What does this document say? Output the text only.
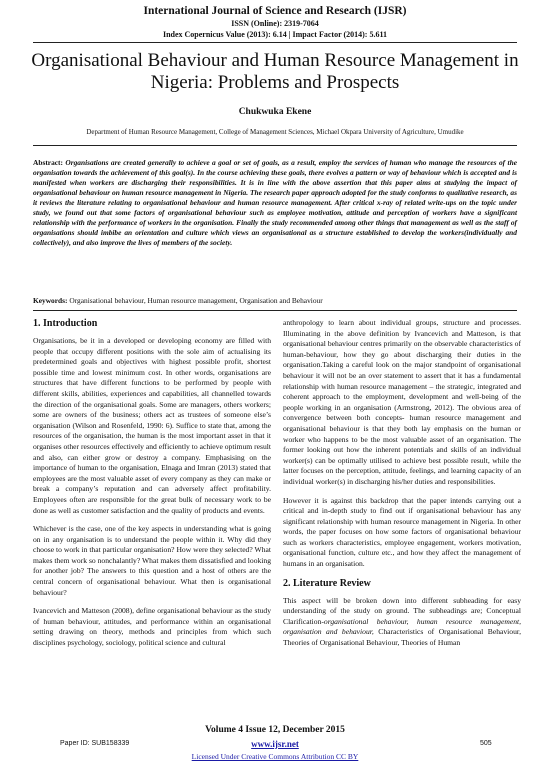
International Journal of Science and Research (IJSR)
ISSN (Online): 2319-7064
Index Copernicus Value (2013): 6.14 | Impact Factor (2014): 5.611
Organisational Behaviour and Human Resource Management in Nigeria: Problems and Prospects
Chukwuka Ekene
Department of Human Resource Management, College of Management Sciences, Michael Okpara University of Agriculture, Umudike
Abstract: Organisations are created generally to achieve a goal or set of goals, as a result, employ the services of human who manage the resources of the organisation towards the achievement of this goal(s). In the course achieving these goals, there evolves a pattern or way of behaviour which is accepted and is manifested when workers are discharging their responsibilities. It is in line with the above assertion that this paper aims at studying the impact of organisational behaviour on human resource management in Nigeria. The research paper approach adopted for the study conforms to qualitative research, as it reviews the literature relating to organisational behaviour and human resource management. After critical x-ray of related write-ups on the topic under study, we found out that some factors of organisational behaviour such as employee motivation, attitude and perception of workers have a significant relationship with the performance of workers in the organisation. Finally the study recommended among other things that management as well as the staff of organisations should imbibe an orientation and culture which views an organisational as a structure established to develop the workers(individually and collectively), and also improve the lives of members of the society.
Keywords: Organisational behaviour, Human resource management, Organisation and Behaviour
1. Introduction

Organisations, be it in a developed or developing economy are filled with people that occupy different positions with the sole aim of actualising its predetermined goals and objectives with highest possible profit, shortest possible time and lowest minimum cost. In other words, organisations are structures that have different functions to be performed by people with different skills, abilities, experiences and capabilities, all channelled towards the direction of the organisational goals. Some are managers, others workers; some are owners of the business; others act as trustees of someone else’s organisation (Wilson and Rosenfeld, 1990: 6). Suffice to state that, among the resources of the organisation, the human is the most important asset in that it organises other resources effectively and efficiently to achieve optimum result and also, can either grow or destroy a company. Emphasising on the importance of human to the organisation, Elnaga and Imran (2013) stated that employees are the most valuable asset of every company as they can make or break a company’s reputation and can adversely affect profitability. Employees often are responsible for the great bulk of necessary work to be done as well as customer satisfaction and the quality of products and events.

Whichever is the case, one of the key aspects in understanding what is going on in any organisation is to understand the people within it. Why did they choose to work in that particular organisation? How were they selected? What makes them work so nonchalantly? What makes them dissatisfied and looking for another job? The answers to this question and a host of others are the central concern of organisational behaviour. What then is organisational behaviour?

Ivancevich and Matteson (2008), define organisational behaviour as the study of human behaviour, attitudes, and performance within an organisational setting drawing on theory, methods and principles from which such disciplines psychology, sociology, political science and cultural

anthropology to learn about individual groups, structure and processes. Illuminating in the above definition by Ivancevich and Matteson, is that organisational behaviour centres primarily on the observable characteristics of human-behaviour, how they go about discharging their duties in the organisation.Taking a careful look on the major standpoint of organisational behaviour it will not be an over statement to assert that it has a fundamental relationship with human resource management – the strategic, integrated and coherent approach to the employment, development and well-being of the people working in an organisation (Armstrong, 2012). The obvious area of convergence between both concepts- human resource management and organisational behaviour is that they both lay emphasis on the human or worker who happens to be the most valuable asset of an organisation. The former looking out how the inherent potentials and skills of an individual worker(s) can be optimally utilised to achieve best possible result, while the latter focuses on the perception, attitude, feelings, and learning capacity of an individual worker(s) in discharging his/her duties and responsibilities.

However it is against this backdrop that the paper intends carrying out a critical and in-depth study to find out if organisational behaviour has any significant relationship with human resource management in Nigeria. In other words, the paper focuses on how some factors of organisational behaviour such as workers characteristics, employee engagement, workers motivation, organisational function, culture etc., and how they affect the management of humans in an organisation.

2. Literature Review

This aspect will be broken down into different subheading for easy understanding of the study on ground. The subheadings are; Conceptual Clarification-organisational behaviour, human resource management, organisation and behaviour, Characteristics of Organisational Behaviour, Theories of Organisational Behaviour, Theories of Human

Volume 4 Issue 12, December 2015
www.ijsr.net
Licensed Under Creative Commons Attribution CC BY
Paper ID: SUB158339	505
